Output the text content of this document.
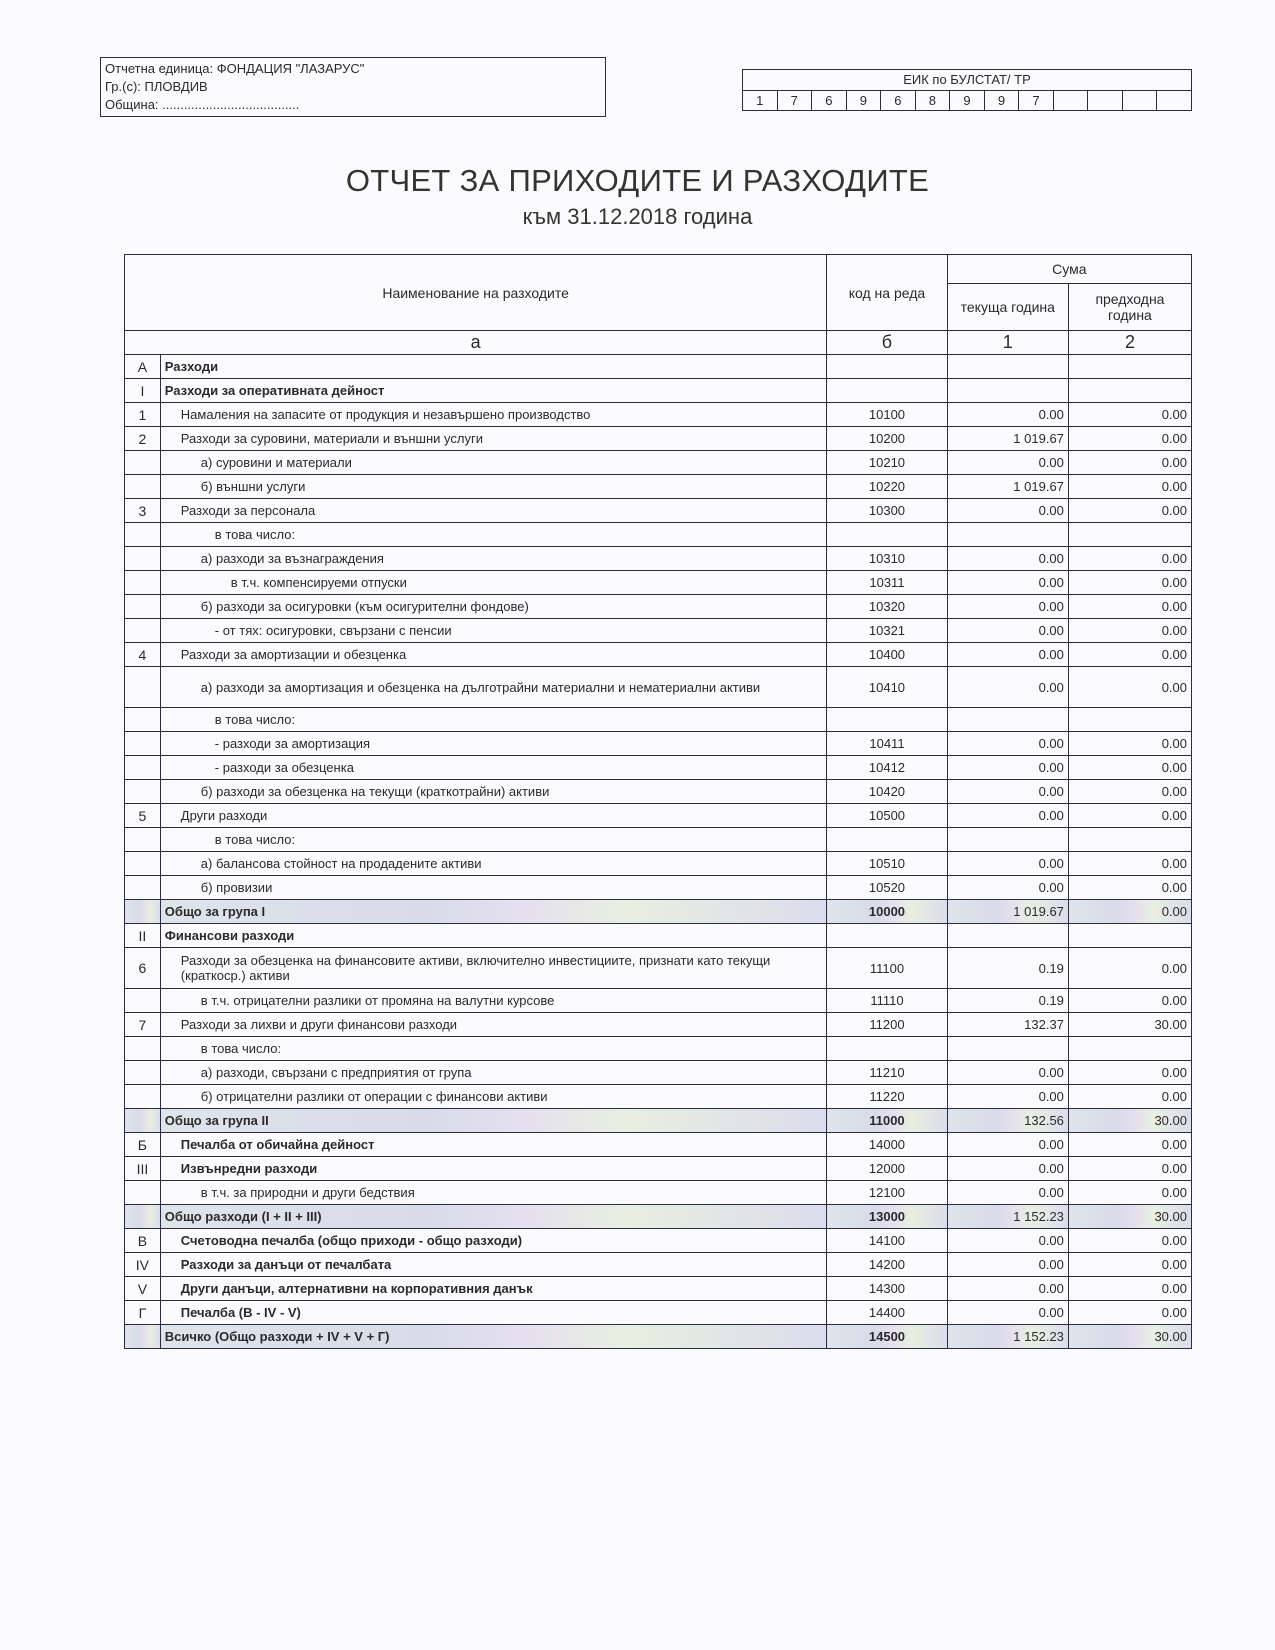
Отчетна единица: ФОНДАЦИЯ "ЛАЗАРУС"
Гр.(с): ПЛОВДИВ
Община: ......................................
ЕИК по БУЛСТАТ/ ТР
1	7	6	9	6	8	9	9	7
ОТЧЕТ ЗА ПРИХОДИТЕ И РАЗХОДИТЕ
към 31.12.2018 година
Наименование на разходите		код на реда	Сума	
			текуща година	предходна година
а		б	1	2
А	Разходи			
I	Разходи за оперативната дейност			
1	Намаления на запасите от продукция и незавършено производство	10100	0.00	0.00
2	Разходи за суровини, материали и външни услуги	10200	1 019.67	0.00
	а) суровини и материали	10210	0.00	0.00
	б) външни услуги	10220	1 019.67	0.00
3	Разходи за персонала	10300	0.00	0.00
	в това число:			
	а) разходи за възнаграждения	10310	0.00	0.00
	в т.ч. компенсируеми отпуски	10311	0.00	0.00
	б) разходи за осигуровки (към осигурителни фондове)	10320	0.00	0.00
	- от тях: осигуровки, свързани с пенсии	10321	0.00	0.00
4	Разходи за амортизации и обезценка	10400	0.00	0.00
	а) разходи за амортизация и обезценка на дълготрайни материални и нематериални активи	10410	0.00	0.00
	в това число:			
	- разходи за амортизация	10411	0.00	0.00
	- разходи за обезценка	10412	0.00	0.00
	б) разходи за обезценка на текущи (краткотрайни) активи	10420	0.00	0.00
5	Други разходи	10500	0.00	0.00
	в това число:			
	а) балансова стойност на продадените активи	10510	0.00	0.00
	б) провизии	10520	0.00	0.00
	Общо за група I	10000	1 019.67	0.00
II	Финансови разходи			
6	Разходи за обезценка на финансовите активи, включително инвестициите, признати като текущи (краткоср.) активи	11100	0.19	0.00
	в т.ч. отрицателни разлики от промяна на валутни курсове	11110	0.19	0.00
7	Разходи за лихви и други финансови разходи	11200	132.37	30.00
	в това число:			
	а) разходи, свързани с предприятия от група	11210	0.00	0.00
	б) отрицателни разлики от операции с финансови активи	11220	0.00	0.00
	Общо за група II	11000	132.56	30.00
Б	Печалба от обичайна дейност	14000	0.00	0.00
III	Извънредни разходи	12000	0.00	0.00
	в т.ч. за природни и други бедствия	12100	0.00	0.00
	Общо разходи (I + II + III)	13000	1 152.23	30.00
В	Счетоводна печалба (общо приходи - общо разходи)	14100	0.00	0.00
IV	Разходи за данъци от печалбата	14200	0.00	0.00
V	Други данъци, алтернативни на корпоративния данък	14300	0.00	0.00
Г	Печалба (В - IV - V)	14400	0.00	0.00
	Всичко (Общо разходи + IV + V + Г)	14500	1 152.23	30.00
